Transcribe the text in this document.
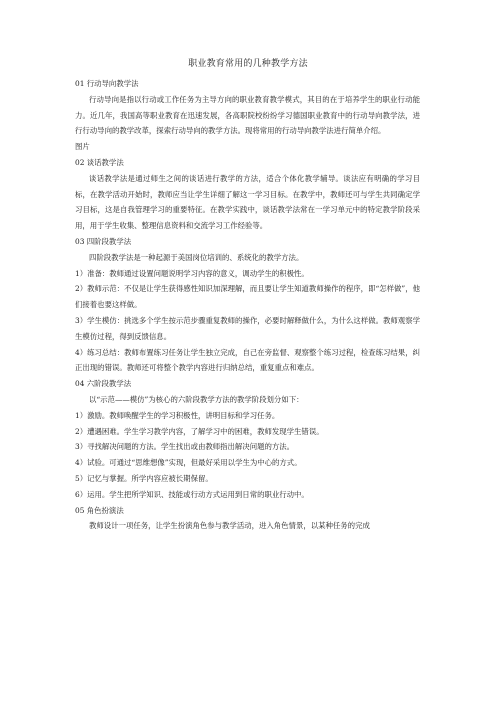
职业教育常用的几种教学方法
01 行动导向教学法
行动导向是指以行动或工作任务为主导方向的职业教育教学模式，其目的在于培养学生的职业行动能力。近几年，我国高等职业教育在迅速发展，各高职院校纷纷学习德国职业教育中的行动导向教学法，进行行动导向的教学改革，探索行动导向的教学方法。现将常用的行动导向教学法进行简单介绍。
图片
02 谈话教学法
谈话教学法是通过师生之间的谈话进行教学的方法，适合个体化教学辅导。谈法应有明确的学习目标，在教学活动开始时，教师应当让学生详细了解这一学习目标。在教学中，教师还可与学生共同确定学习目标，这是自我管理学习的重要特征。在教学实践中，谈话教学法常在一学习单元中的特定教学阶段采用，用于学生收集、整理信息资料和交流学习工作经验等。
03 四阶段教学法
四阶段教学法是一种起源于美国岗位培训的、系统化的教学方法。
1）准备：教师通过设置问题说明学习内容的意义，调动学生的积极性。
2）教师示范：不仅是让学生获得感性知识加深理解，而且要让学生知道教师操作的程序，即“怎样做”，他们接着也要这样做。
3）学生模仿：挑选多个学生按示范步骤重复教师的操作，必要时解释做什么，为什么这样做。教师观察学生模仿过程，得到反馈信息。
4）练习总结：教师布置练习任务让学生独立完成，自己在旁监督、观察整个练习过程，检查练习结果，纠正出现的错误。教师还可将整个教学内容进行归纳总结，重复重点和难点。
04 六阶段教学法
以“示范——模仿”为核心的六阶段教学方法的教学阶段划分如下：
1）激励。教师唤醒学生的学习积极性，讲明目标和学习任务。
2）遭遇困难。学生学习教学内容，了解学习中的困难，教师发现学生错误。
3）寻找解决问题的方法。学生找出或由教师指出解决问题的方法。
4）试验。可通过“思维想像”实现，但最好采用以学生为中心的方式。
5）记忆与掌握。所学内容应被长期保留。
6）运用。学生把所学知识、技能或行动方式运用到日常的职业行动中。
05 角色扮演法
教师设计一项任务，让学生扮演角色参与教学活动，进入角色情景，以某种任务的完成
